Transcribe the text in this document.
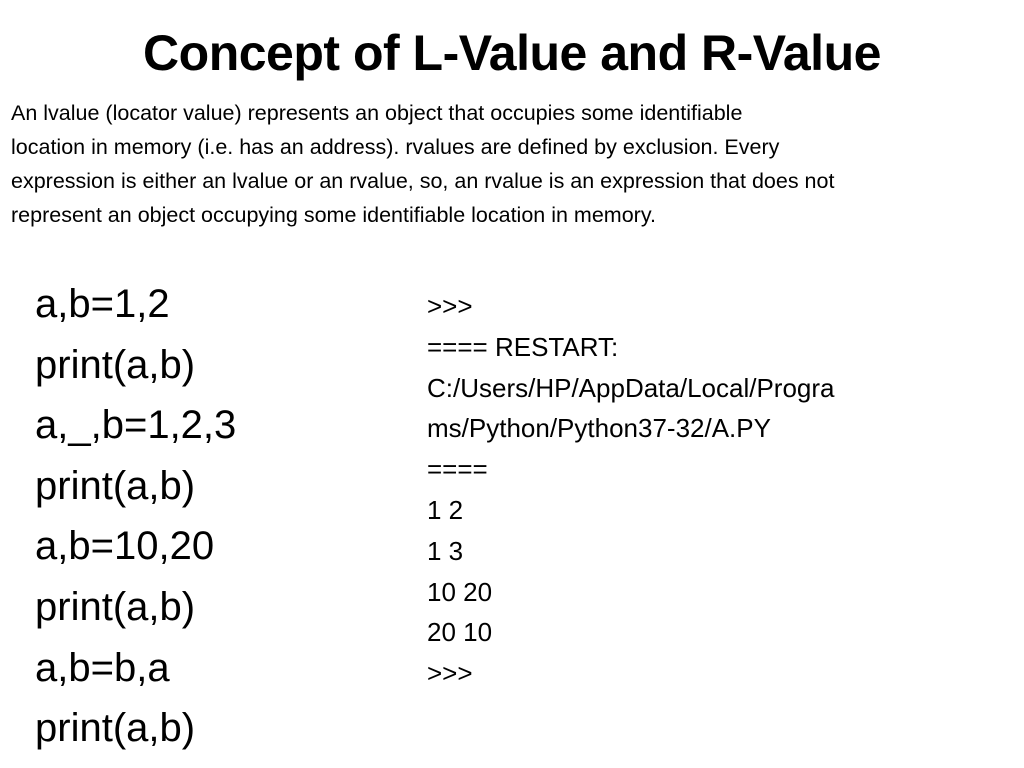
Concept of L-Value and R-Value
An lvalue (locator value) represents an object that occupies some identifiable
location in memory (i.e. has an address). rvalues are defined by exclusion. Every
expression is either an lvalue or an rvalue, so, an rvalue is an expression that does not
represent an object occupying some identifiable location in memory.
a,b=1,2
print(a,b)
a,_,b=1,2,3
print(a,b)
a,b=10,20
print(a,b)
a,b=b,a
print(a,b)
>>>
==== RESTART:
C:/Users/HP/AppData/Local/Progra
ms/Python/Python37-32/A.PY
====
1 2
1 3
10 20
20 10
>>>
